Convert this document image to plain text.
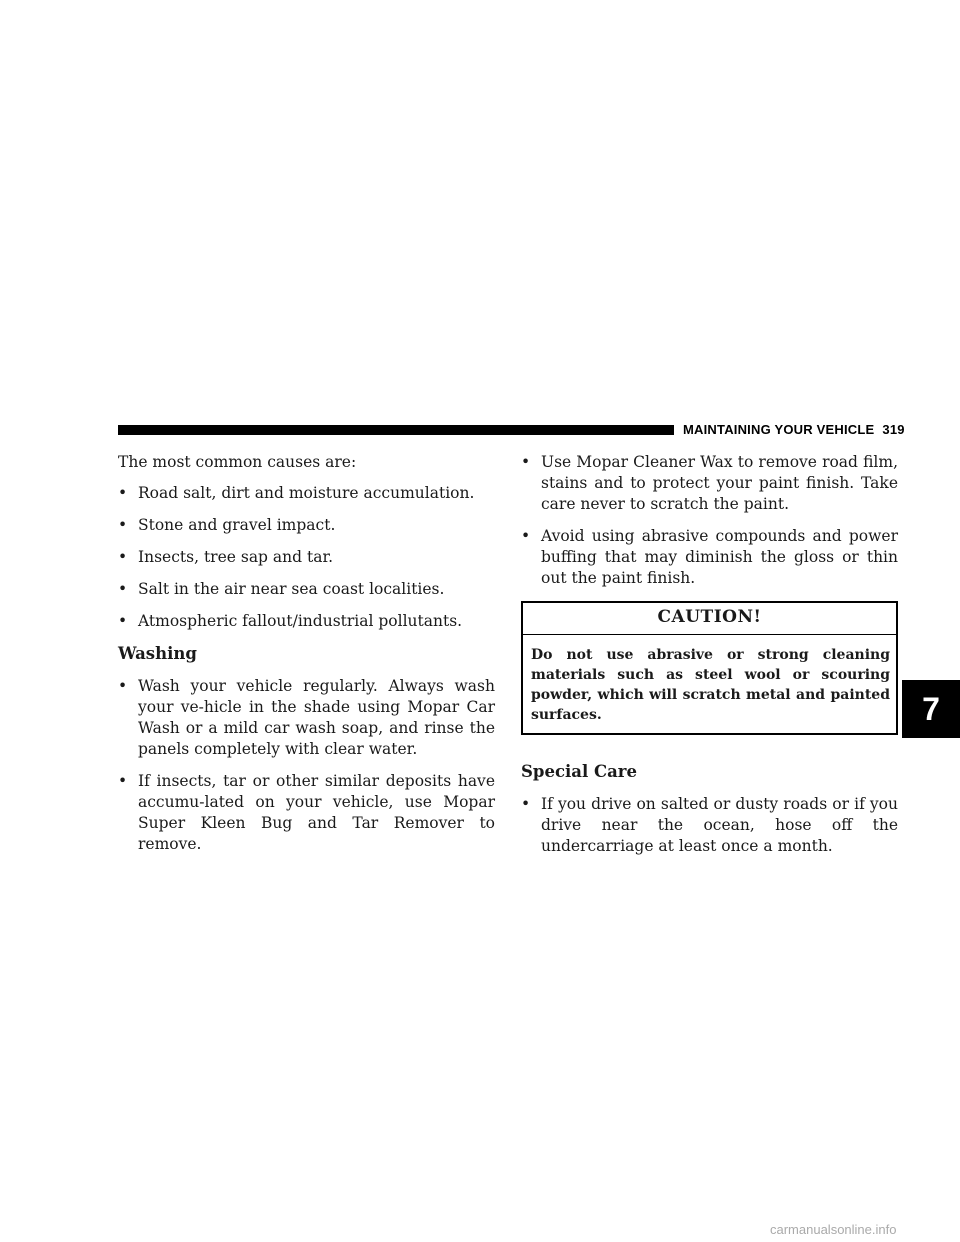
MAINTAINING YOUR VEHICLE 319

The most common causes are:

• Road salt, dirt and moisture accumulation.
• Stone and gravel impact.
• Insects, tree sap and tar.
• Salt in the air near sea coast localities.
• Atmospheric fallout/industrial pollutants.
Washing
• Wash your vehicle regularly. Always wash your ve-hicle in the shade using Mopar Car Wash or a mild car wash soap, and rinse the panels completely with clear water.
• If insects, tar or other similar deposits have accumu-lated on your vehicle, use Mopar Super Kleen Bug and Tar Remover to remove.
• Use Mopar Cleaner Wax to remove road film, stains and to protect your paint finish. Take care never to scratch the paint.
• Avoid using abrasive compounds and power buffing that may diminish the gloss or thin out the paint finish.
CAUTION!
Do not use abrasive or strong cleaning materials such as steel wool or scouring powder, which will scratch metal and painted surfaces.
Special Care
• If you drive on salted or dusty roads or if you drive near the ocean, hose off the undercarriage at least once a month.
7
carmanualsonline.info
